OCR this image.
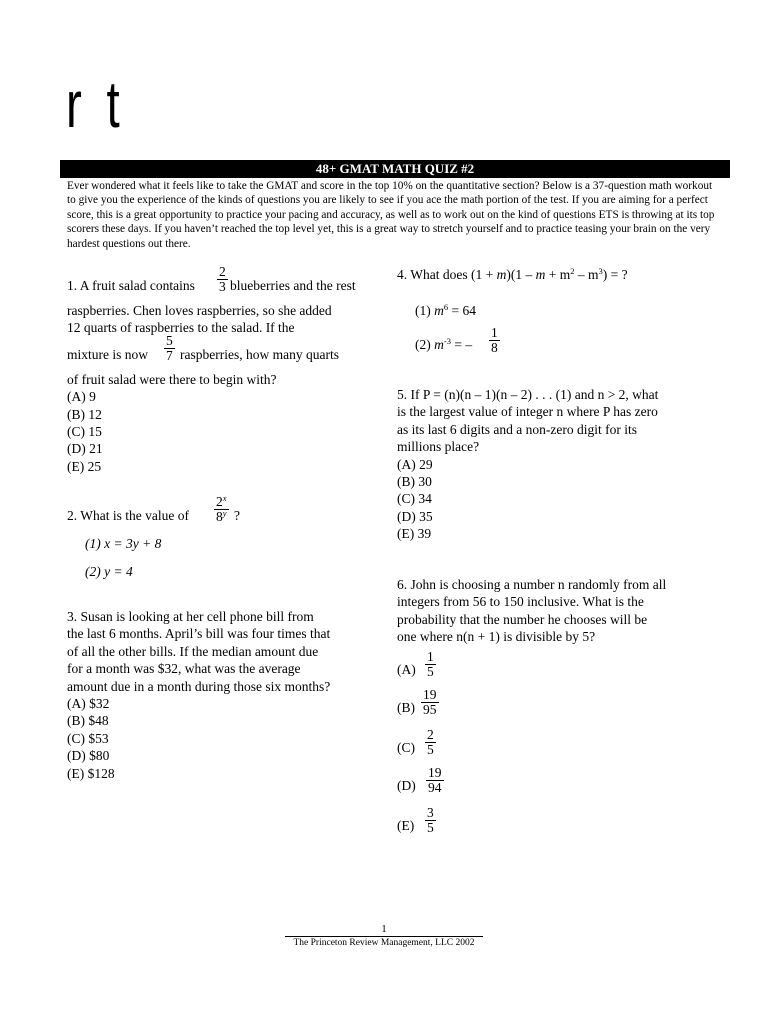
r t
48+ GMAT MATH QUIZ #2
Ever wondered what it feels like to take the GMAT and score in the top 10% on the quantitative section? Below is a 37-question math workout to give you the experience of the kinds of questions you are likely to see if you ace the math portion of the test. If you are aiming for a perfect score, this is a great opportunity to practice your pacing and accuracy, as well as to work out on the kind of questions ETS is throwing at its top scorers these days. If you haven’t reached the top level yet, this is a great way to stretch yourself and to practice teasing your brain on the very hardest questions out there.
1. A fruit salad contains $\frac{2}{3}$ blueberries and the rest
raspberries. Chen loves raspberries, so she added
12 quarts of raspberries to the salad. If the
mixture is now $\frac{5}{7}$ raspberries, how many quarts
of fruit salad were there to begin with?
(A) 9
(B) 12
(C) 15
(D) 21
(E) 25
2. What is the value of $\frac{2^x}{8^y}$ ?
(1) x = 3y + 8
(2) y = 4
3. Susan is looking at her cell phone bill from
the last 6 months. April’s bill was four times that
of all the other bills. If the median amount due
for a month was $32, what was the average
amount due in a month during those six months?
(A) $32
(B) $48
(C) $53
(D) $80
(E) $128
4. What does $(1 + m)(1 - m + m^2 - m^3)$ = ?
(1) $m^6 = 64$
(2) $m^{-3}$ = – $\frac{1}{8}$
5. If P = (n)(n – 1)(n – 2) . . . (1) and n > 2, what
is the largest value of integer n where P has zero
as its last 6 digits and a non-zero digit for its
millions place?
(A) 29
(B) 30
(C) 34
(D) 35
(E) 39
6. John is choosing a number n randomly from all
integers from 56 to 150 inclusive. What is the
probability that the number he chooses will be
one where n(n + 1) is divisible by 5?
$(A) \frac{1}{5}$
$(B) \frac{19}{95}$
$(C) \frac{2}{5}$
$(D) \frac{19}{94}$
$(E) \frac{3}{5}$
1
The Princeton Review Management, LLC 2002
